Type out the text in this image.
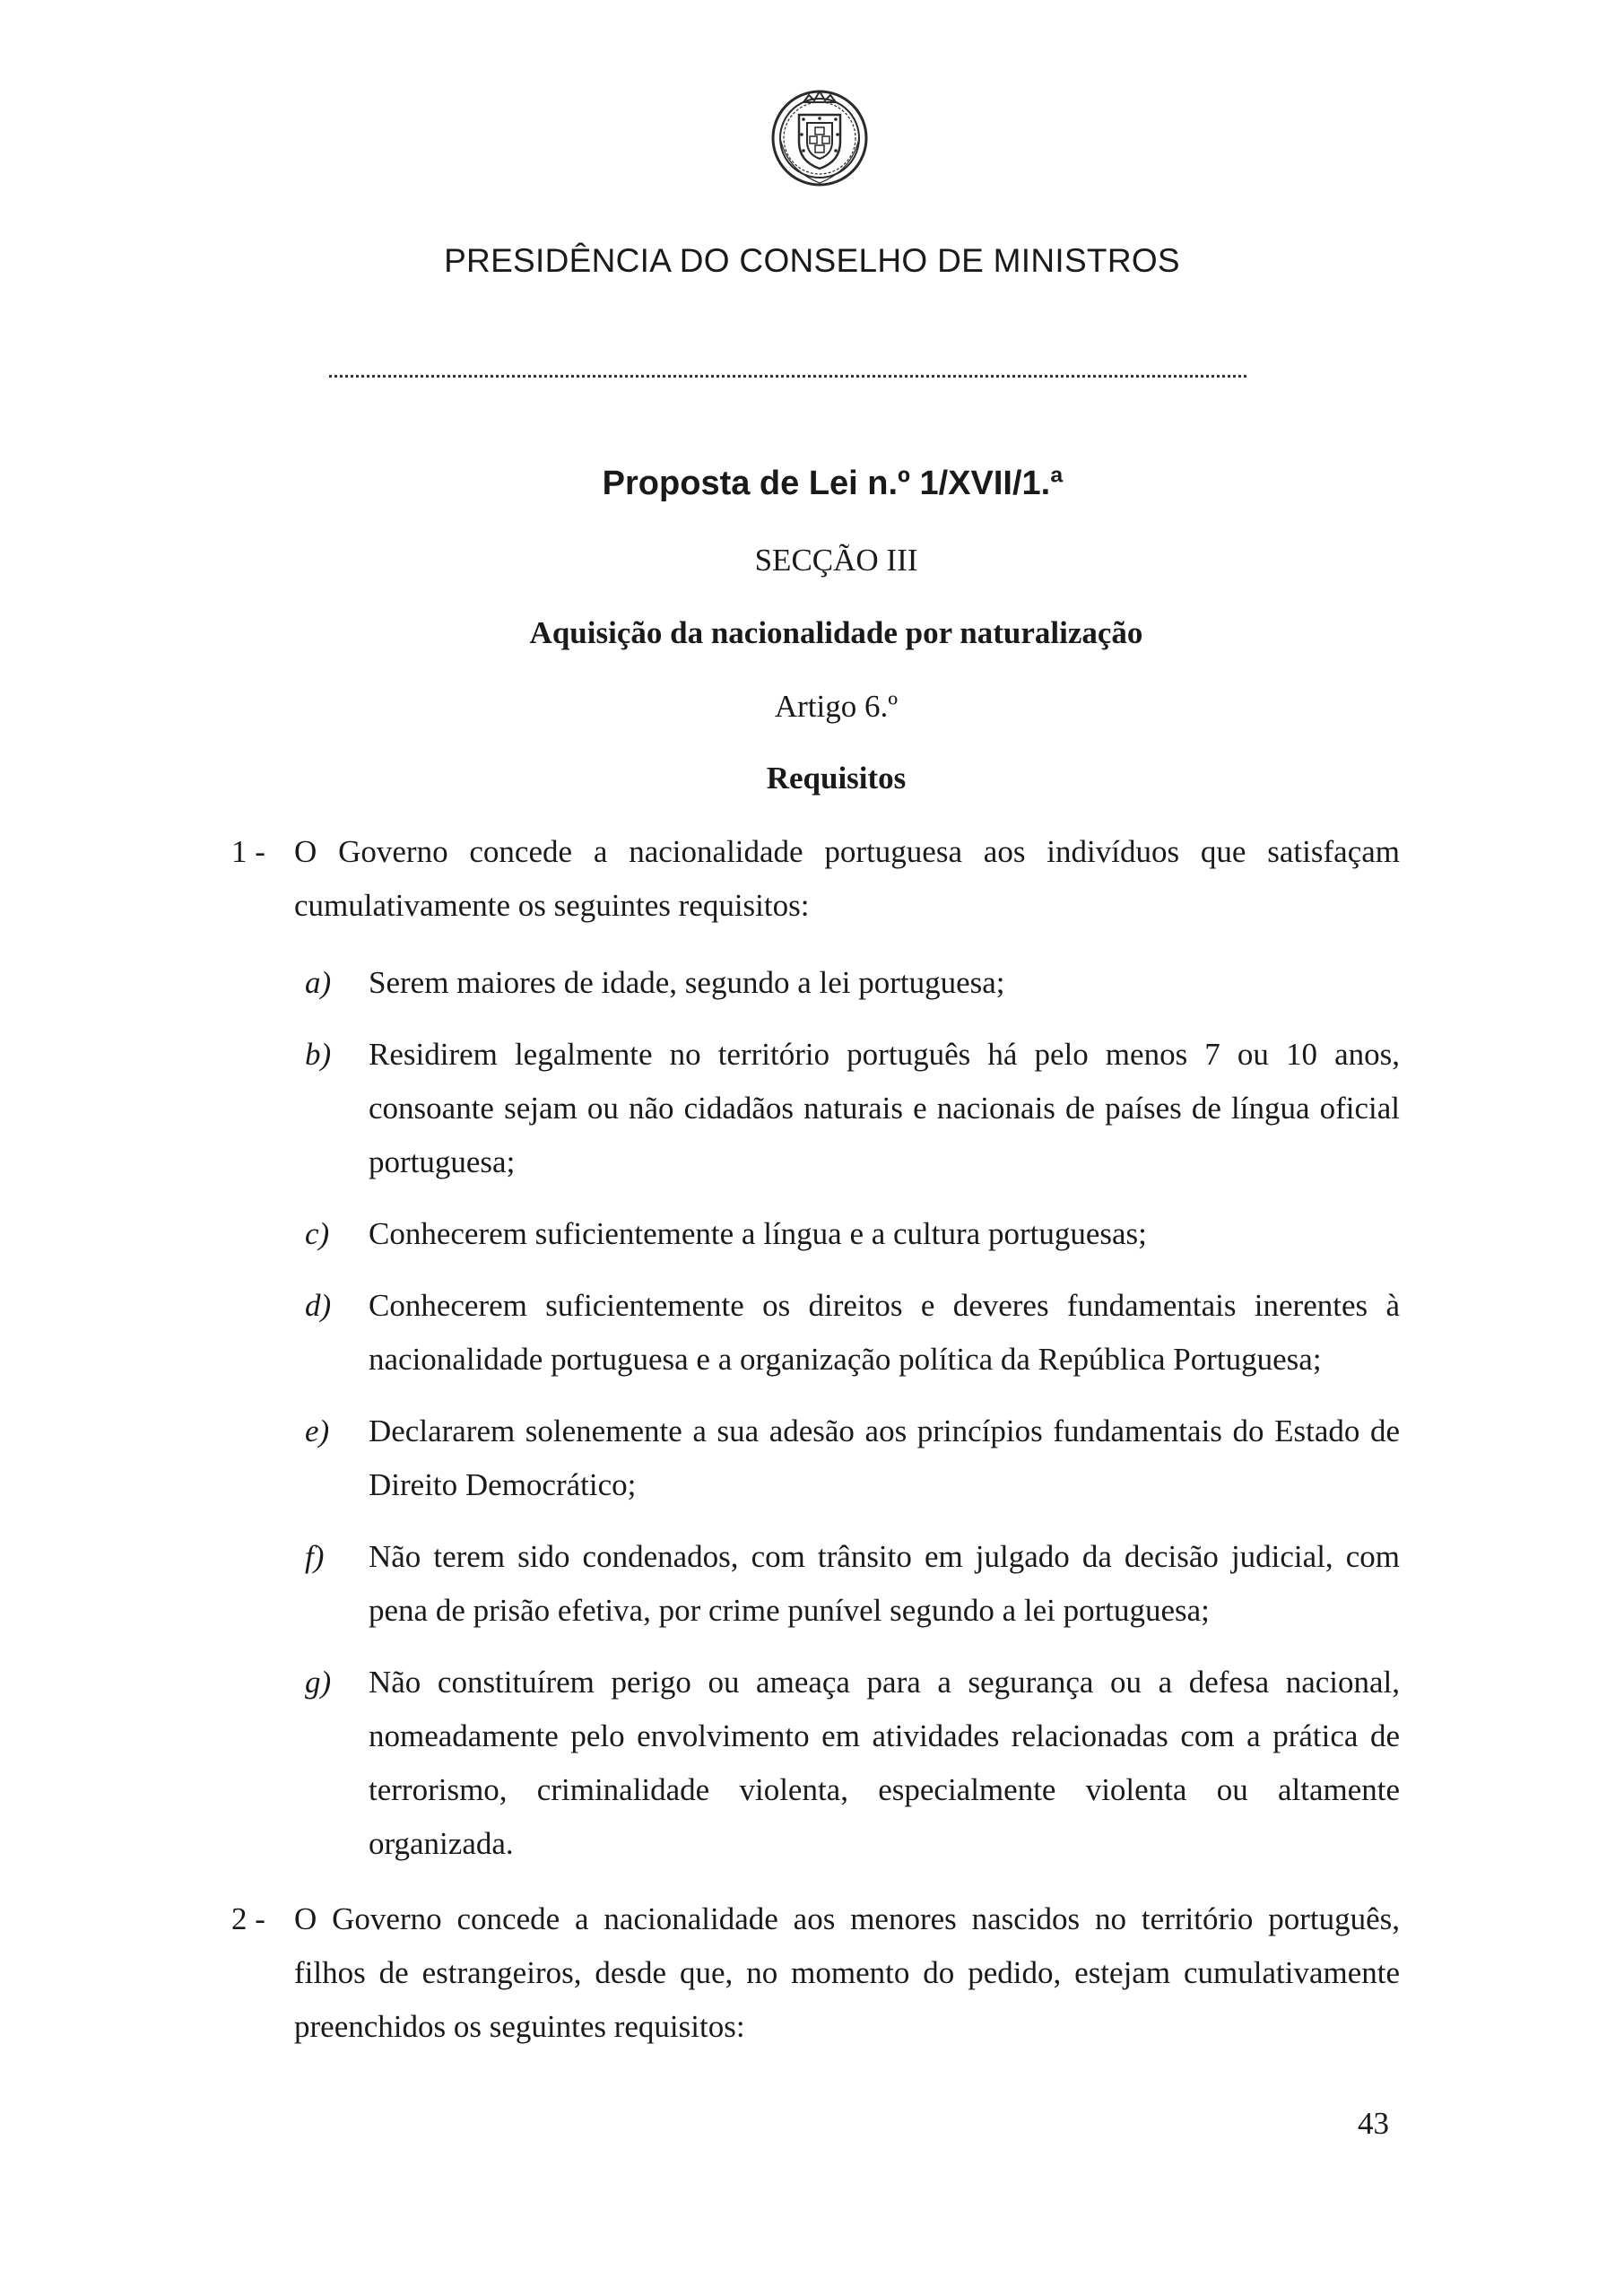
PRESIDÊNCIA DO CONSELHO DE MINISTROS
Proposta de Lei n.º 1/XVII/1.ª
SECÇÃO III
Aquisição da nacionalidade por naturalização
Artigo 6.º
Requisitos
1 - O Governo concede a nacionalidade portuguesa aos indivíduos que satisfaçam cumulativamente os seguintes requisitos:
a) Serem maiores de idade, segundo a lei portuguesa;
b) Residirem legalmente no território português há pelo menos 7 ou 10 anos, consoante sejam ou não cidadãos naturais e nacionais de países de língua oficial portuguesa;
c) Conhecerem suficientemente a língua e a cultura portuguesas;
d) Conhecerem suficientemente os direitos e deveres fundamentais inerentes à nacionalidade portuguesa e a organização política da República Portuguesa;
e) Declararem solenemente a sua adesão aos princípios fundamentais do Estado de Direito Democrático;
f) Não terem sido condenados, com trânsito em julgado da decisão judicial, com pena de prisão efetiva, por crime punível segundo a lei portuguesa;
g) Não constituírem perigo ou ameaça para a segurança ou a defesa nacional, nomeadamente pelo envolvimento em atividades relacionadas com a prática de terrorismo, criminalidade violenta, especialmente violenta ou altamente organizada.
2 - O Governo concede a nacionalidade aos menores nascidos no território português, filhos de estrangeiros, desde que, no momento do pedido, estejam cumulativamente preenchidos os seguintes requisitos:
43
